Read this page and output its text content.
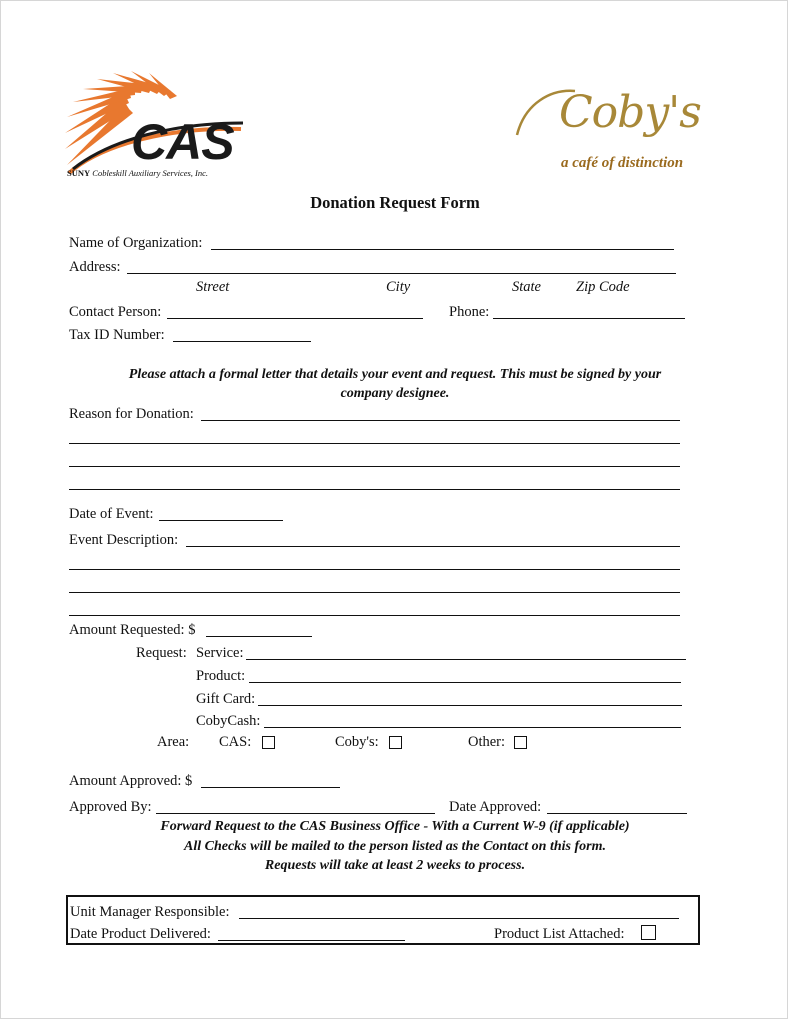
CAS
SUNY Cobleskill Auxiliary Services, Inc.
Coby's
a café of distinction
Donation Request Form
Name of Organization:
Address:
Street	City	State Zip Code
Contact Person:	Phone:
Tax ID Number:
Please attach a formal letter that details your event and request. This must be signed by your
company designee.
Reason for Donation:
Date of Event:
Event Description:
Amount Requested: $
Request: Service:
Product:
Gift Card:
CobyCash:
Area: CAS:	Coby's:	Other:
Amount Approved: $
Approved By:	Date Approved:
Forward Request to the CAS Business Office - With a Current W-9 (if applicable)
All Checks will be mailed to the person listed as the Contact on this form.
Requests will take at least 2 weeks to process.
Unit Manager Responsible:
Date Product Delivered:	Product List Attached:
